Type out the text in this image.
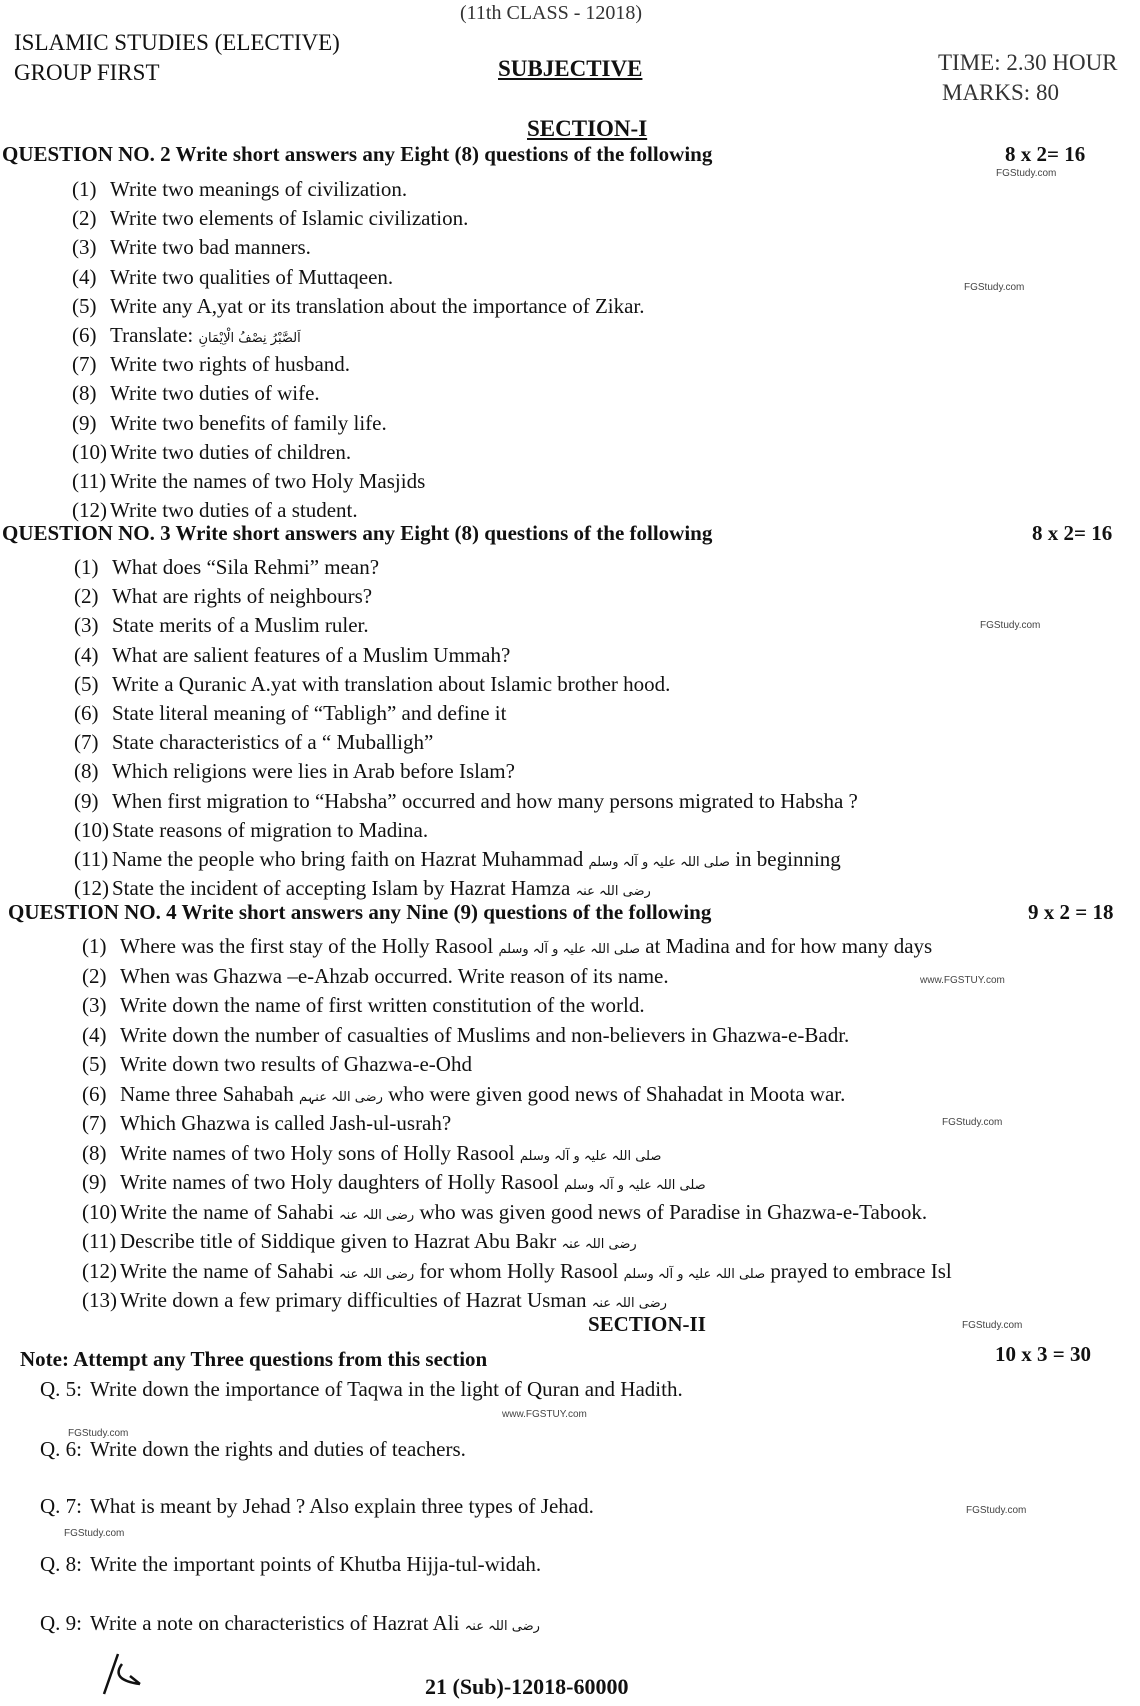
(11th CLASS - 12018)
ISLAMIC STUDIES (ELECTIVE)
GROUP FIRST	SUBJECTIVE	TIME: 2.30 HOUR
MARKS: 80
SECTION-I
QUESTION NO. 2 Write short answers any Eight (8) questions of the following	8 x 2= 16
(1) Write two meanings of civilization.
(2) Write two elements of Islamic civilization.
(3) Write two bad manners.
(4) Write two qualities of Muttaqeen.
(5) Write any A,yat or its translation about the importance of Zikar.
(6) Translate: اَلصَّبْرُ نِصْفُ الْاِیْمَانِ
(7) Write two rights of husband.
(8) Write two duties of wife.
(9) Write two benefits of family life.
(10) Write two duties of children.
(11) Write the names of two Holy Masjids
(12) Write two duties of a student.
QUESTION NO. 3 Write short answers any Eight (8) questions of the following	8 x 2= 16
(1) What does “Sila Rehmi” mean?
(2) What are rights of neighbours?
(3) State merits of a Muslim ruler.
(4) What are salient features of a Muslim Ummah?
(5) Write a Quranic A.yat with translation about Islamic brother hood.
(6) State literal meaning of “Tabligh” and define it
(7) State characteristics of a “ Muballigh”
(8) Which religions were lies in Arab before Islam?
(9) When first migration to “Habsha” occurred and how many persons migrated to Habsha ?
(10) State reasons of migration to Madina.
(11) Name the people who bring faith on Hazrat Muhammad صلی اللہ علیہ و آلہ وسلم in beginning
(12) State the incident of accepting Islam by Hazrat Hamza رضی اللہ عنہ
QUESTION NO. 4 Write short answers any Nine (9) questions of the following	9 x 2 = 18
(1) Where was the first stay of the Holly Rasool صلی اللہ علیہ و آلہ وسلم at Madina and for how many days
(2) When was Ghazwa –e-Ahzab occurred. Write reason of its name.
(3) Write down the name of first written constitution of the world.
(4) Write down the number of casualties of Muslims and non-believers in Ghazwa-e-Badr.
(5) Write down two results of Ghazwa-e-Ohd
(6) Name three Sahabah رضی اللہ عنہم who were given good news of Shahadat in Moota war.
(7) Which Ghazwa is called Jash-ul-usrah?
(8) Write names of two Holy sons of Holly Rasool صلی اللہ علیہ و آلہ وسلم
(9) Write names of two Holy daughters of Holly Rasool صلی اللہ علیہ و آلہ وسلم
(10) Write the name of Sahabi رضی اللہ عنہ who was given good news of Paradise in Ghazwa-e-Tabook.
(11) Describe title of Siddique given to Hazrat Abu Bakr رضی اللہ عنہ
(12) Write the name of Sahabi رضی اللہ عنہ for whom Holly Rasool صلی اللہ علیہ و آلہ وسلم prayed to embrace Isl
(13) Write down a few primary difficulties of Hazrat Usman رضی اللہ عنہ
SECTION-II
Note: Attempt any Three questions from this section	10 x 3 = 30
Q. 5: Write down the importance of Taqwa in the light of Quran and Hadith.
Q. 6: Write down the rights and duties of teachers.
Q. 7: What is meant by Jehad ? Also explain three types of Jehad.
Q. 8: Write the important points of Khutba Hijja-tul-widah.
Q. 9: Write a note on characteristics of Hazrat Ali رضی اللہ عنہ
21 (Sub)-12018-60000
FGStudy.com
FGStudy.com
FGStudy.com
www.FGSTUY.com
FGStudy.com
FGStudy.com
FGStudy.com
FGStudy.com
FGStudy.com
www.FGSTUY.com
